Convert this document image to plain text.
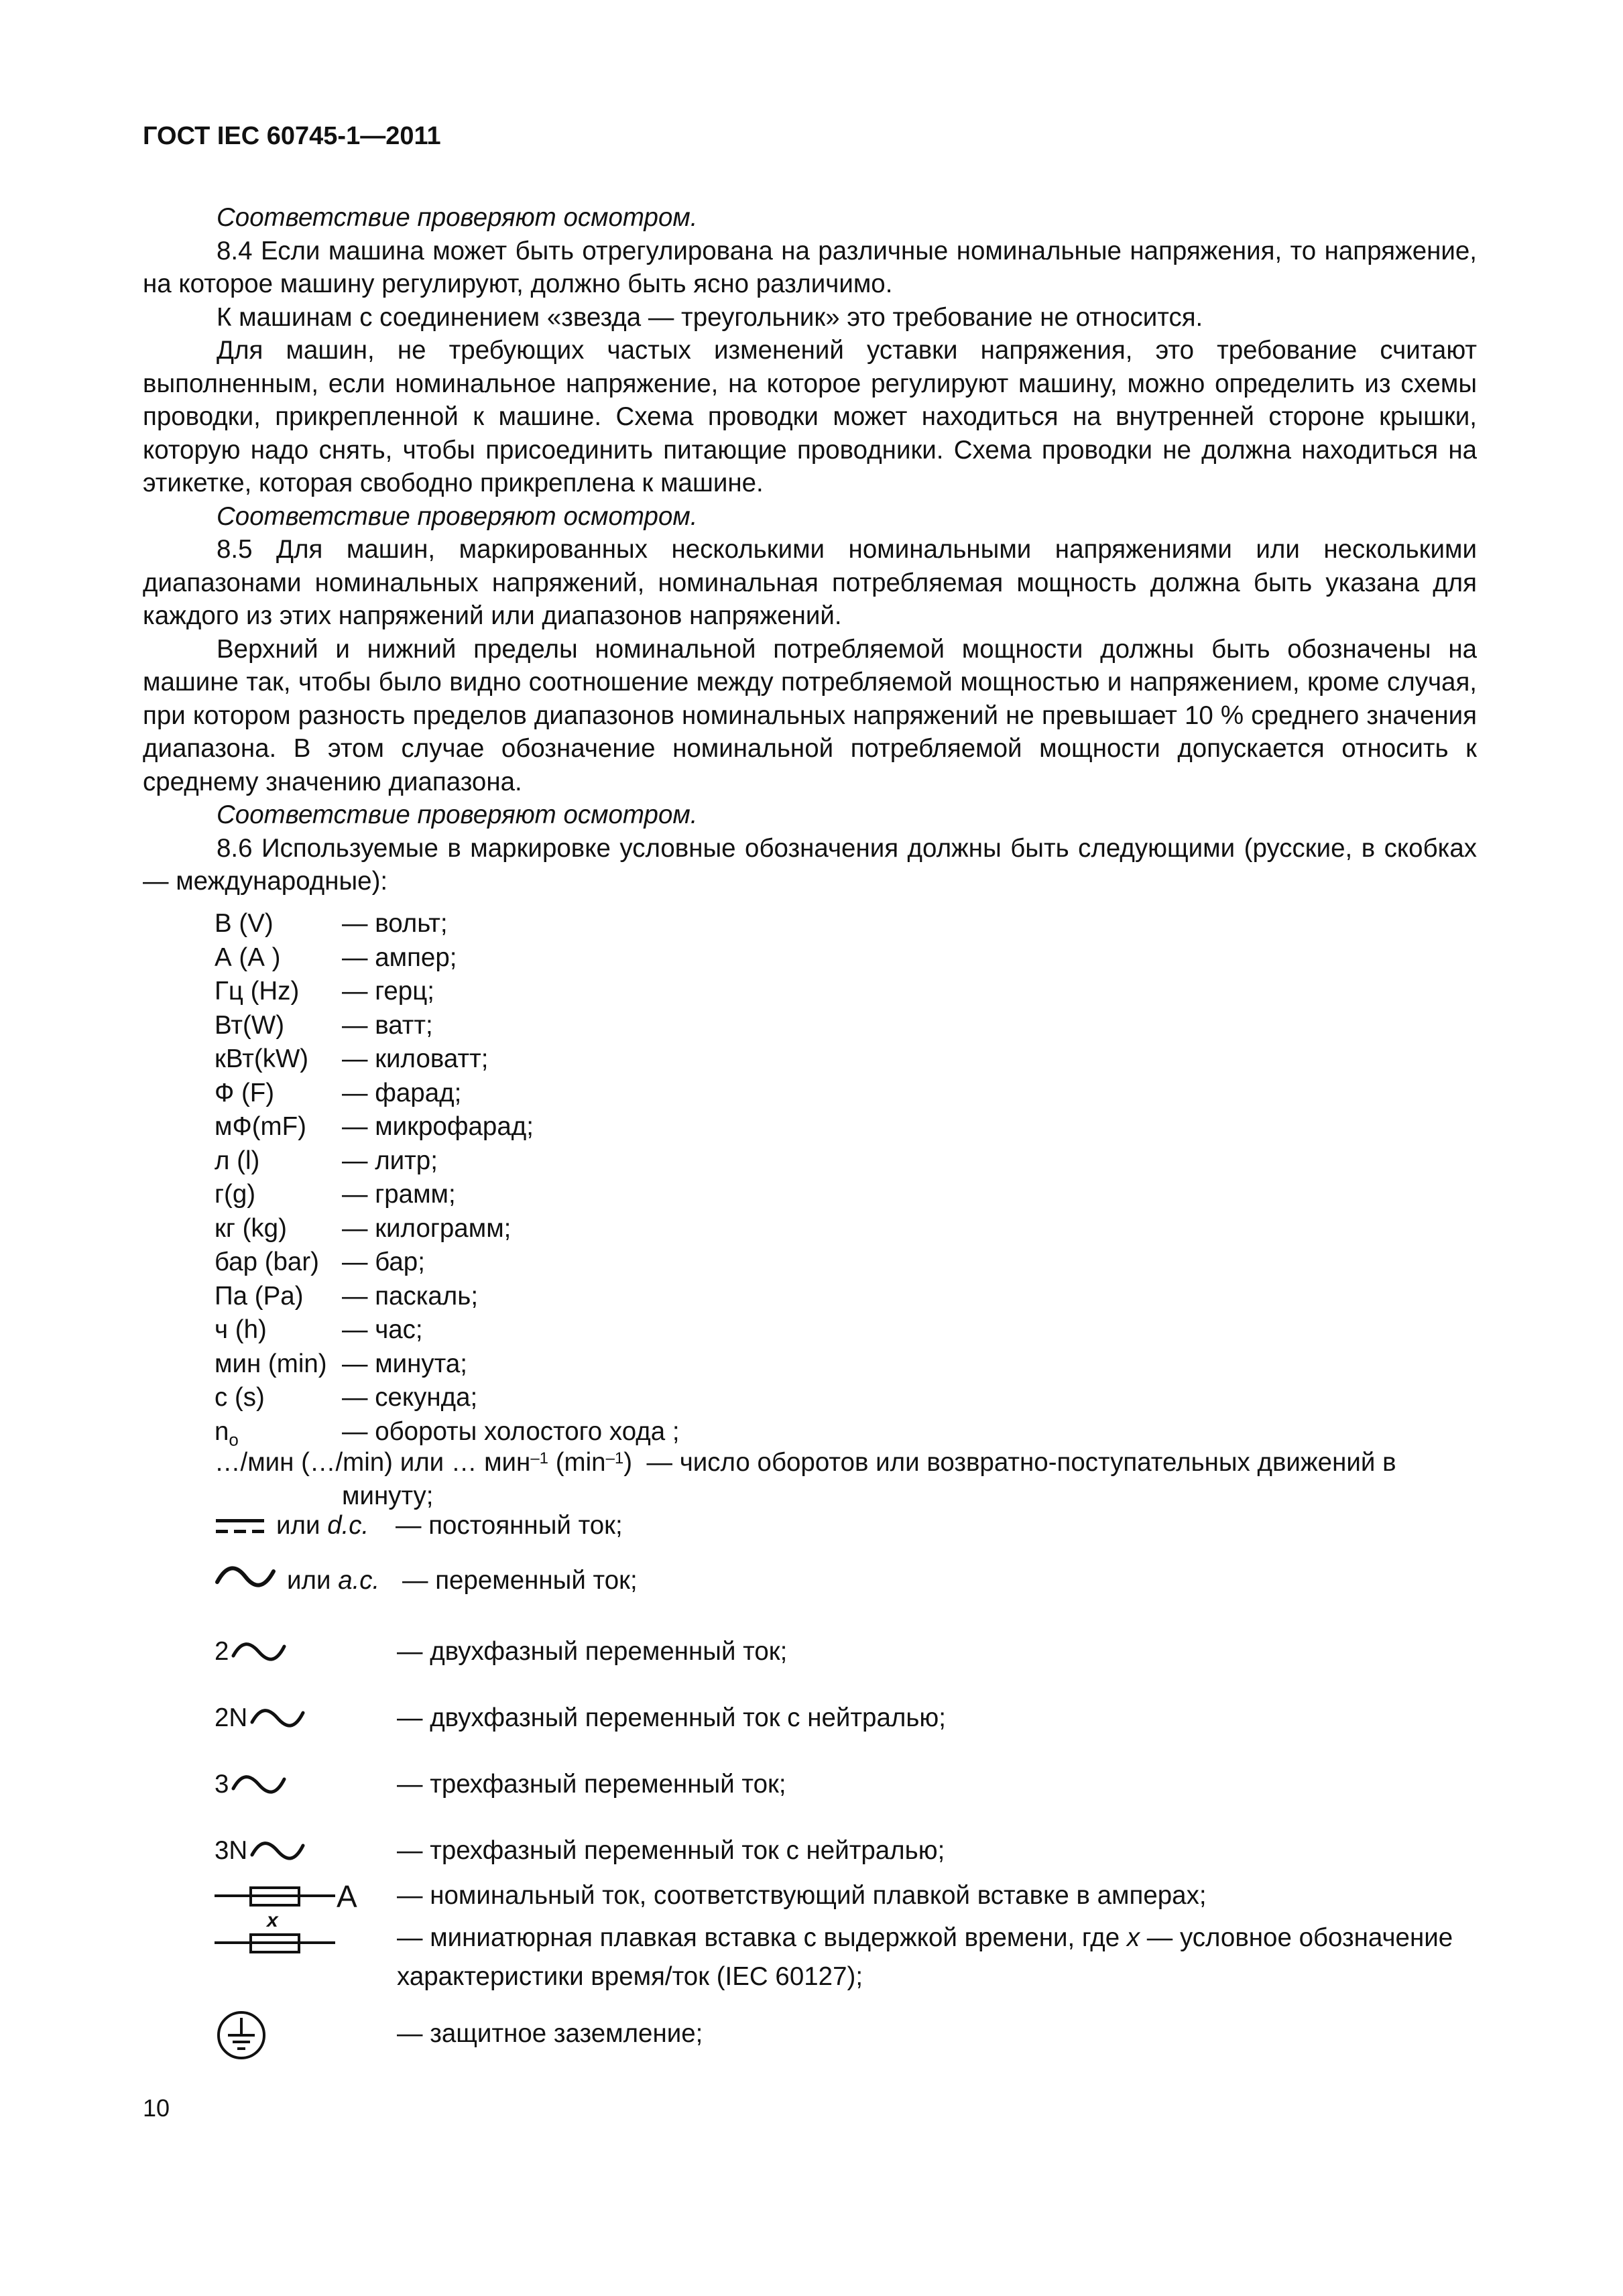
ГОСТ IEC 60745-1—2011

Соответствие проверяют осмотром.

8.4 Если машина может быть отрегулирована на различные номинальные напряжения, то напряжение, на которое машину регулируют, должно быть ясно различимо.

К машинам с соединением «звезда — треугольник» это требование не относится.

Для машин, не требующих частых изменений уставки напряжения, это требование считают выполненным, если номинальное напряжение, на которое регулируют машину, можно определить из схемы проводки, прикрепленной к машине. Схема проводки может находиться на внутренней стороне крышки, которую надо снять, чтобы присоединить питающие проводники. Схема проводки не должна находиться на этикетке, которая свободно прикреплена к машине.

Соответствие проверяют осмотром.

8.5 Для машин, маркированных несколькими номинальными напряжениями или несколькими диапазонами номинальных напряжений, номинальная потребляемая мощность должна быть указана для каждого из этих напряжений или диапазонов напряжений.

Верхний и нижний пределы номинальной потребляемой мощности должны быть обозначены на машине так, чтобы было видно соотношение между потребляемой мощностью и напряжением, кроме случая, при котором разность пределов диапазонов номинальных напряжений не превышает 10 % среднего значения диапазона. В этом случае обозначение номинальной потребляемой мощности допускается относить к среднему значению диапазона.

Соответствие проверяют осмотром.

8.6 Используемые в маркировке условные обозначения должны быть следующими (русские, в скобках — международные):

В (V)	— вольт;
А (А ) — ампер;
Гц (Hz) — герц;
Вт(W) — ватт;
кВт(kW) — киловатт;
Ф (F)	— фарад;
мФ(mF) — микрофарад;
л (l)	— литр;
г(g)	— грамм;
кг (kg) — килограмм;
бар (bar) — бар;
Па (Pa) — паскаль;
ч (h)	— час;
мин (min) — минута;
с (s)	— секунда;
$n_o$	— обороты холостого хода ;
…/мин (…/min) или … мин$^{-1}$ $(\min^{-1})$ — число оборотов или возвратно-поступательных движений в
минуту;
или d.c. — постоянный ток;
или a.c. — переменный ток;
2	— двухфазный переменный ток;
2N	— двухфазный переменный ток с нейтралью;
3	— трехфазный переменный ток;
3N	— трехфазный переменный ток с нейтралью;
A — номинальный ток, соответствующий плавкой вставке в амперах;
x
— миниатюрная плавкая вставка с выдержкой времени, где x — условное обозначение характеристики время/ток (IEC 60127);
— защитное заземление;
10
